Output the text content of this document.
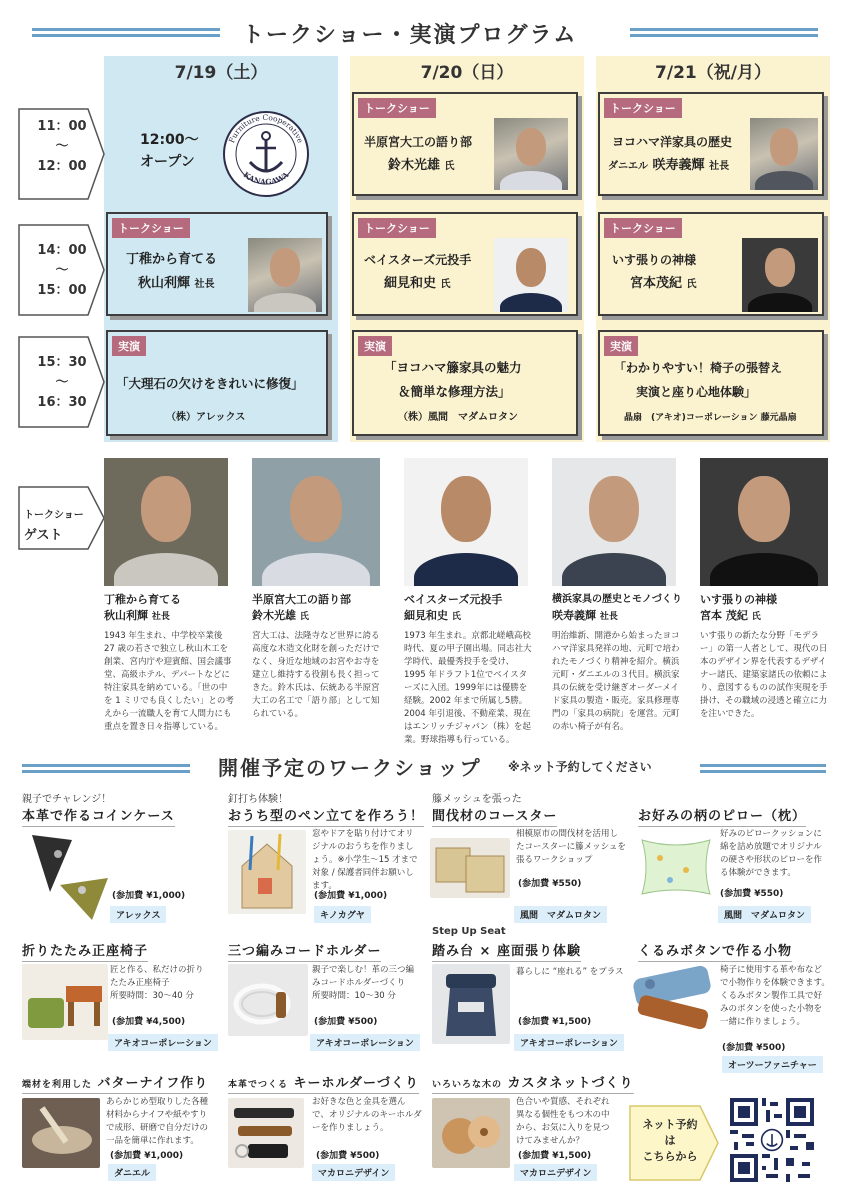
トークショー・実演プログラム
7/19（土）	7/20（日）	7/21（祝/月）
11：00
～
12：00
14：00
～
15：00
15：30
～
16：30
12:00～
オープン
Furniture Cooperative
KANAGAWA
トークショー
半原宮大工の語り部
鈴木光雄 氏
トークショー
ヨコハマ洋家具の歴史
ダニエル 咲寿義輝 社長
トークショー
丁稚から育てる
秋山利輝 社長
トークショー
ベイスターズ元投手
細見和史 氏
トークショー
いす張りの神様
宮本茂紀 氏
実演
「大理石の欠けをきれいに修復」
（株）アレックス
実演
「ヨコハマ籐家具の魅力
＆簡単な修理方法」
（株）風間　マダムロタン
実演
「わかりやすい！椅子の張替え
実演と座り心地体験」
晶扇　(アキオ)コーポレーション 藤元晶扇
トークショー
ゲスト
丁稚から育てる
秋山利輝 社長
1943 年生まれ、中学校卒業後 27 歳の若さで独立し秋山木工を創業、宮内庁や迎賓館、国会議事堂、高級ホテル、デパートなどに特注家具を納めている。「世の中を 1 ミリでも良くしたい」との考えから一流職人を育て人間力にも重点を置き日々指導している。
半原宮大工の語り部
鈴木光雄 氏
宮大工は、法隆寺など世界に誇る高度な木造文化財を創っただけでなく、身近な地域のお宮やお寺を建立し維持する役割も長く担ってきた。鈴木氏は、伝統ある半原宮大工の名工で「語り部」として知られている。
ベイスターズ元投手
細見和史 氏
1973 年生まれ。京都北嵯峨高校時代、夏の甲子園出場。同志社大学時代、最優秀投手を受け、1995 年ドラフト1位でベイスターズに入団。1999年には優勝を経験。2002 年まで所属し5勝。2004 年引退後、不動産業、現在はエンリッチジャパン（株）を起業。野球指導も行っている。
横浜家具の歴史とモノづくり
咲寿義輝 社長
明治維新、開港から始まったヨコハマ洋家具発祥の地、元町で培われたモノづくり精神を紹介。横浜元町・ダニエルの３代目。横浜家具の伝統を受け継ぎオーダーメイド家具の製造・販売。家具修理専門の「家具の病院」を運営。元町の赤い椅子が有名。
いす張りの神様
宮本 茂紀 氏
いす張りの新たな分野「モデラー」の第一人者として、現代の日本のデザイン界を代表するデザイナー諸氏、建築家諸氏の依頼により、意図するものの試作実現を手掛け、その職域の浸透と確立に力を注いできた。
開催予定のワークショップ ※ネット予約してください
親子でチャレンジ！
本革で作るコインケース
(参加費 ¥1,000)
アレックス
釘打ち体験！
おうち型のペン立てを作ろう！
窓やドアを貼り付けてオリジナルのおうちを作りましょう。※小学生～15 才まで対象 / 保護者同伴お願いします。
(参加費 ¥1,000)
キノカグヤ
籐メッシュを張った
間伐材のコースター
相模原市の間伐材を活用したコースターに籐メッシュを張るワークショップ
(参加費 ¥550)
風間　マダムロタン
お好みの柄のピロー（枕）
好みのピロークッションに綿を詰め放題でオリジナルの硬さや形状のピローを作る体験ができます。
(参加費 ¥550)
風間　マダムロタン
折りたたみ正座椅子
匠と作る、私だけの折りたたみ正座椅子
所要時間：30～40 分
(参加費 ¥4,500)
アキオコーポレーション
三つ編みコードホルダー
親子で楽しむ！革の三つ編みコードホルダーづくり
所要時間：10～30 分
(参加費 ¥500)
アキオコーポレーション
Step Up Seat
踏み台 × 座面張り体験
暮らしに “座れる” をプラス
(参加費 ¥1,500)
アキオコーポレーション
くるみボタンで作る小物
椅子に使用する革や布などで小物作りを体験できます。くるみボタン製作工具で好みのボタンを使った小物を一緒に作りましょう。
(参加費 ¥500)
オーツーファニチャー
端材を利用した バターナイフ作り
あらかじめ型取りした各種材料からナイフや紙やすりで成形、研磨で自分だけの一品を簡単に作れます。
(参加費 ¥1,000)
ダニエル
本革でつくる キーホルダーづくり
お好きな色と金具を選んで、オリジナルのキーホルダーを作りましょう。
(参加費 ¥500)
マカロニデザイン
いろいろな木の カスタネットづくり
色合いや質感、それぞれ異なる個性をもつ木の中から、お気に入りを見つけてみませんか？
(参加費 ¥1,500)
マカロニデザイン
ネット予約
は
こちらから
